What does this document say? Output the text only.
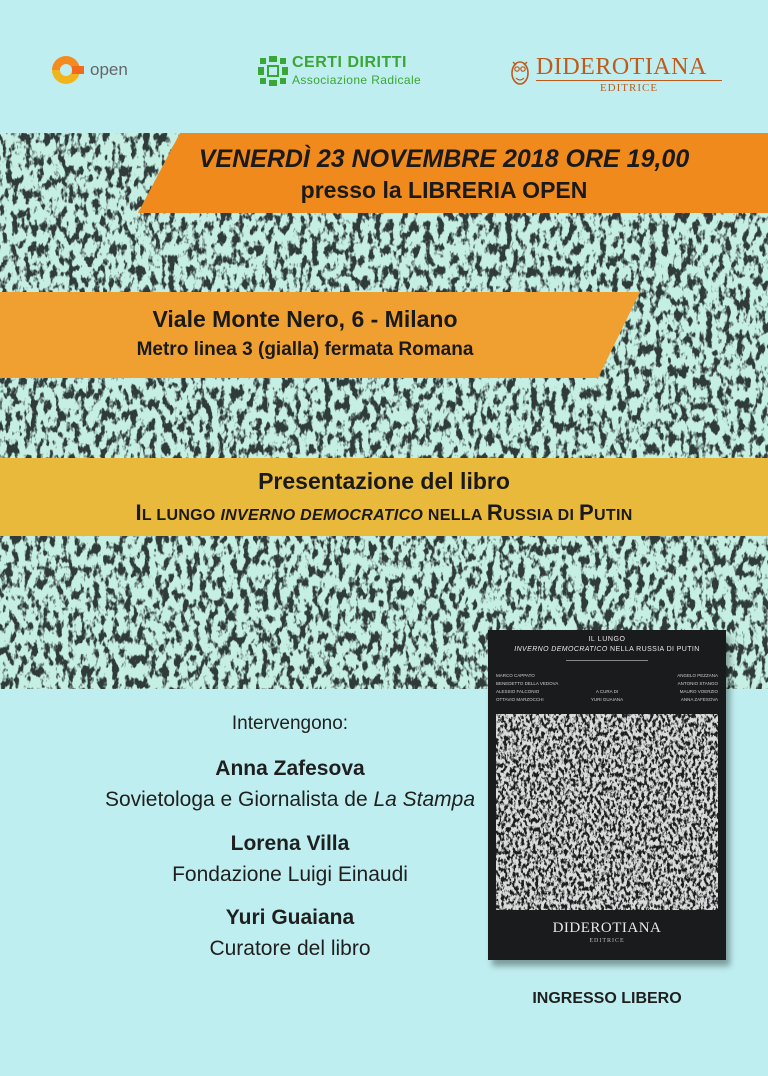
open	CERTI DIRITTI
Associazione Radicale	DIDEROTIANA
EDITRICE
VENERDÌ 23 NOVEMBRE 2018 ORE 19,00
presso la LIBRERIA OPEN
Viale Monte Nero, 6 - Milano
Metro linea 3 (gialla) fermata Romana
Presentazione del libro
IL LUNGO INVERNO DEMOCRATICO NELLA RUSSIA DI PUTIN
Intervengono:
Anna Zafesova
Sovietologa e Giornalista de La Stampa
Lorena Villa
Fondazione Luigi Einaudi
Yuri Guaiana
Curatore del libro
IL LUNGO
INVERNO DEMOCRATICO NELLA RUSSIA DI PUTIN
MARCO CAPPATO
BENEDETTO DELLA VEDOVA
ALESSIO FALCONIO
OTTAVIO MARZOCCHI
A CURA DI
YURI GUAIANA
ANGELO PEZZANA
ANTONIO STANGO
MAURO VOERZIO
ANNA ZAFESOVA
DIDEROTIANA
EDITRICE
INGRESSO LIBERO
